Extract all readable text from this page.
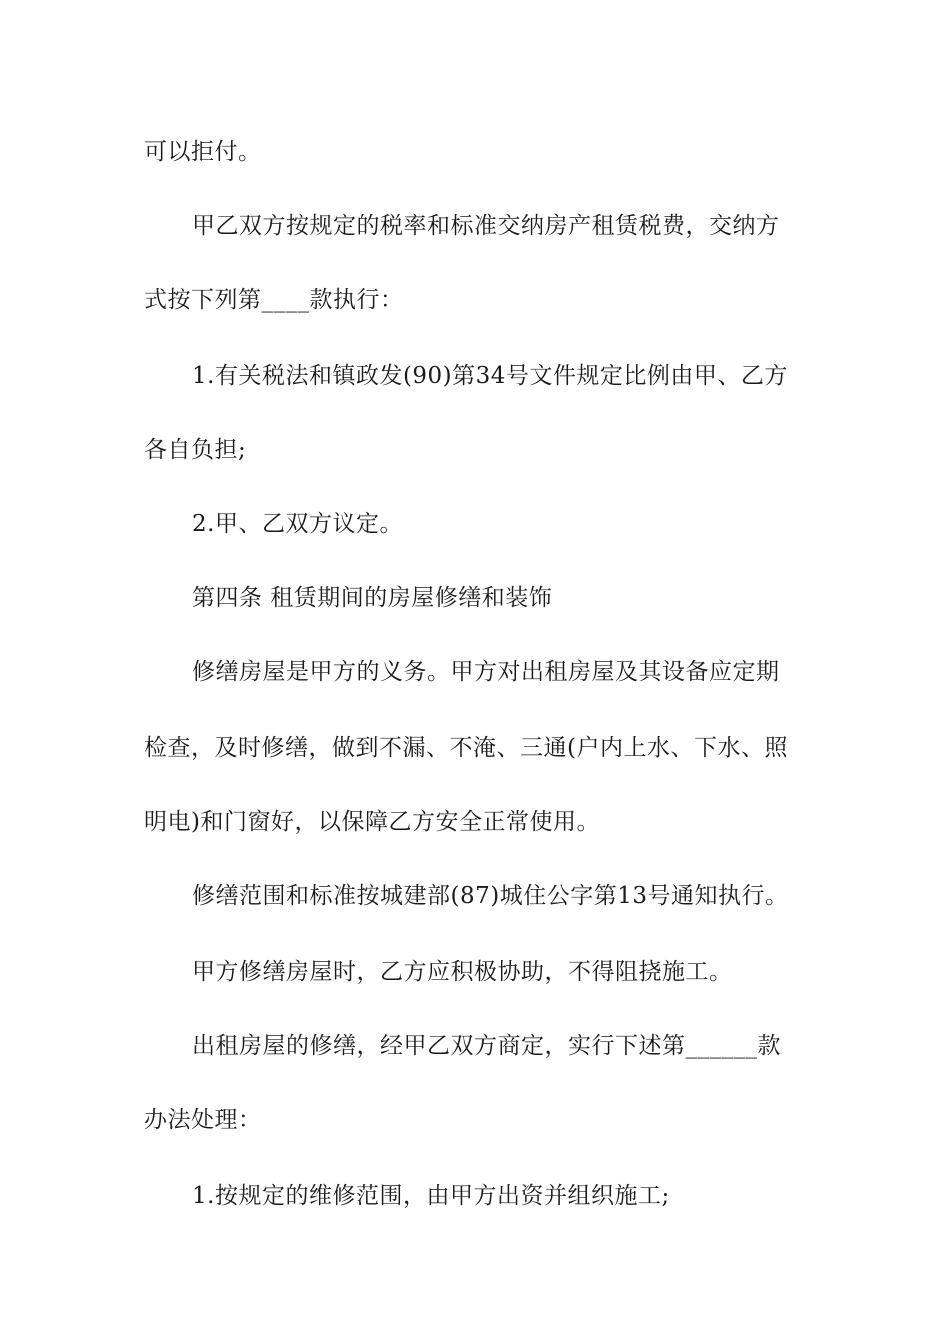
可以拒付。
甲乙双方按规定的税率和标准交纳房产租赁税费，交纳方
式按下列第____款执行：
1.有关税法和镇政发(90)第34号文件规定比例由甲、乙方
各自负担;
2.甲、乙双方议定。
第四条 租赁期间的房屋修缮和装饰
修缮房屋是甲方的义务。甲方对出租房屋及其设备应定期
检查，及时修缮，做到不漏、不淹、三通(户内上水、下水、照
明电)和门窗好，以保障乙方安全正常使用。
修缮范围和标准按城建部(87)城住公字第13号通知执行。
甲方修缮房屋时，乙方应积极协助，不得阻挠施工。
出租房屋的修缮，经甲乙双方商定，实行下述第______款
办法处理：
1.按规定的维修范围，由甲方出资并组织施工;
